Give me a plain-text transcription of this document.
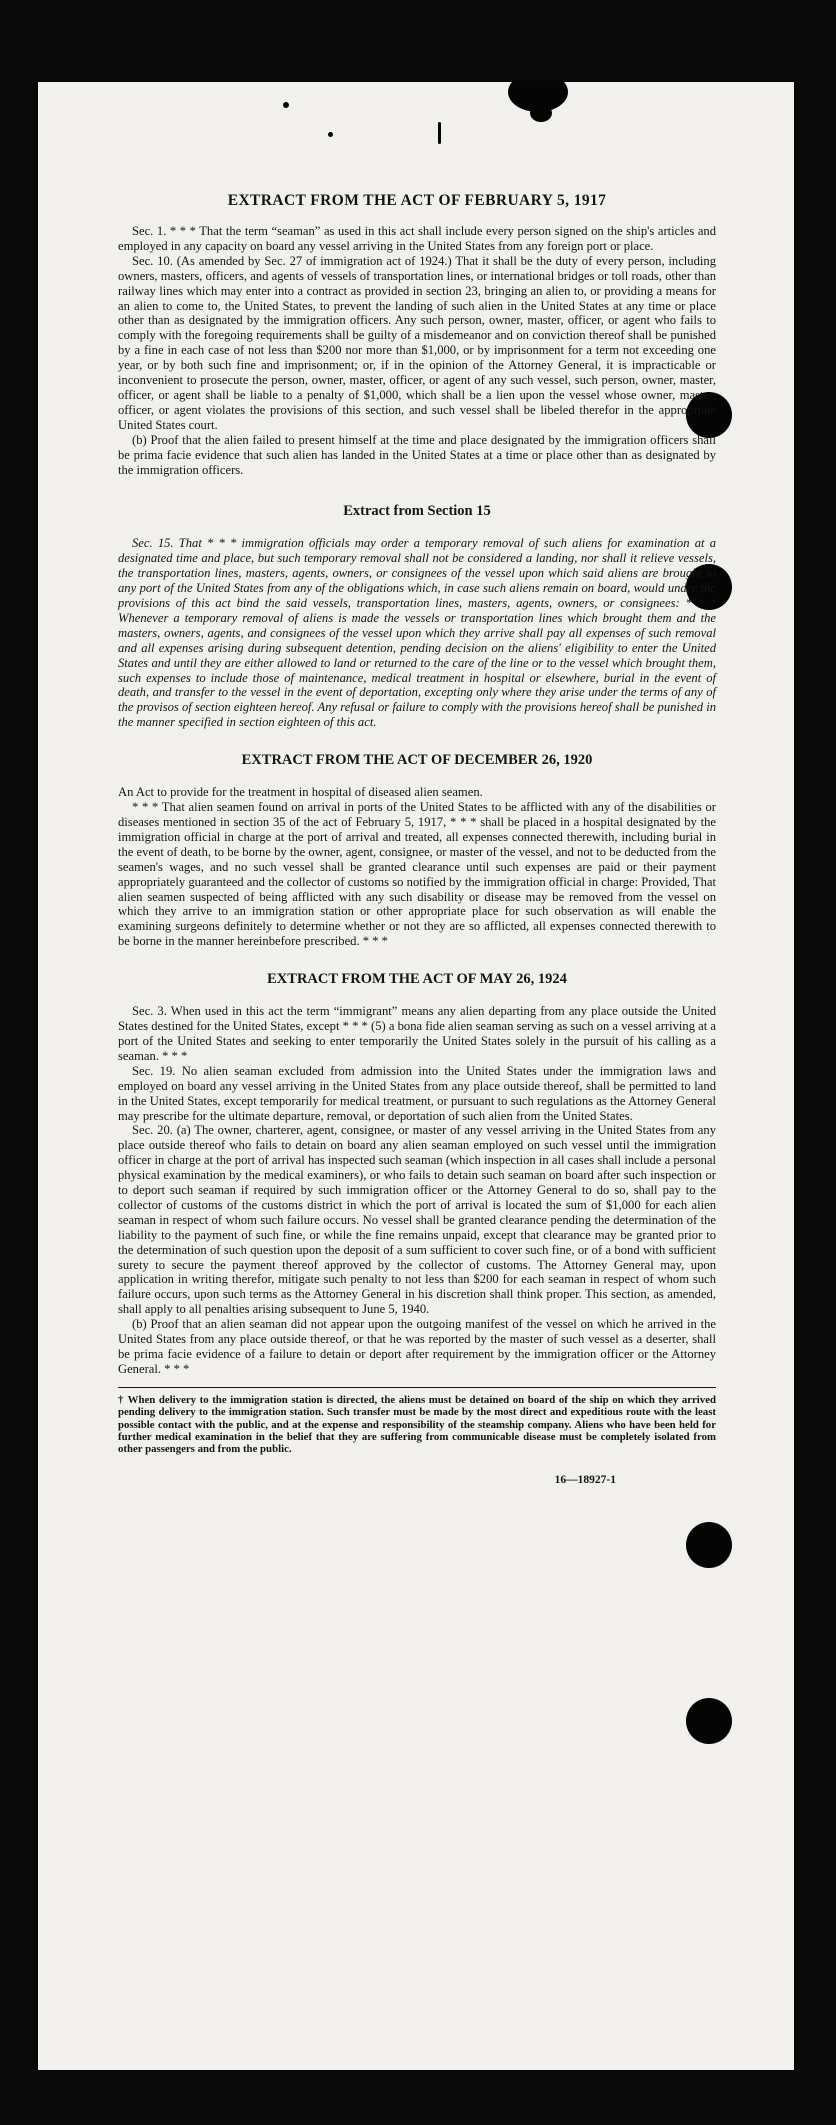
EXTRACT FROM THE ACT OF FEBRUARY 5, 1917

Sec. 1. * * * That the term “seaman” as used in this act shall include every person signed on the ship's articles and employed in any capacity on board any vessel arriving in the United States from any foreign port or place.

Sec. 10. (As amended by Sec. 27 of immigration act of 1924.) That it shall be the duty of every person, including owners, masters, officers, and agents of vessels of transportation lines, or international bridges or toll roads, other than railway lines which may enter into a contract as provided in section 23, bringing an alien to, or providing a means for an alien to come to, the United States, to prevent the landing of such alien in the United States at any time or place other than as designated by the immigration officers. Any such person, owner, master, officer, or agent who fails to comply with the foregoing requirements shall be guilty of a misdemeanor and on conviction thereof shall be punished by a fine in each case of not less than $200 nor more than $1,000, or by imprisonment for a term not exceeding one year, or by both such fine and imprisonment; or, if in the opinion of the Attorney General, it is impracticable or inconvenient to prosecute the person, owner, master, officer, or agent of any such vessel, such person, owner, master, officer, or agent shall be liable to a penalty of $1,000, which shall be a lien upon the vessel whose owner, master, officer, or agent violates the provisions of this section, and such vessel shall be libeled therefor in the appropriate United States court.

(b) Proof that the alien failed to present himself at the time and place designated by the immigration officers shall be prima facie evidence that such alien has landed in the United States at a time or place other than as designated by the immigration officers.

Extract from Section 15

Sec. 15. That * * * immigration officials may order a temporary removal of such aliens for examination at a designated time and place, but such temporary removal shall not be considered a landing, nor shall it relieve vessels, the transportation lines, masters, agents, owners, or consignees of the vessel upon which said aliens are brought to any port of the United States from any of the obligations which, in case such aliens remain on board, would under the provisions of this act bind the said vessels, transportation lines, masters, agents, owners, or consignees: * * * Whenever a temporary removal of aliens is made the vessels or transportation lines which brought them and the masters, owners, agents, and consignees of the vessel upon which they arrive shall pay all expenses of such removal and all expenses arising during subsequent detention, pending decision on the aliens' eligibility to enter the United States and until they are either allowed to land or returned to the care of the line or to the vessel which brought them, such expenses to include those of maintenance, medical treatment in hospital or elsewhere, burial in the event of death, and transfer to the vessel in the event of deportation, excepting only where they arise under the terms of any of the provisos of section eighteen hereof. Any refusal or failure to comply with the provisions hereof shall be punished in the manner specified in section eighteen of this act.

EXTRACT FROM THE ACT OF DECEMBER 26, 1920

An Act to provide for the treatment in hospital of diseased alien seamen.

* * * That alien seamen found on arrival in ports of the United States to be afflicted with any of the disabilities or diseases mentioned in section 35 of the act of February 5, 1917, * * * shall be placed in a hospital designated by the immigration official in charge at the port of arrival and treated, all expenses connected therewith, including burial in the event of death, to be borne by the owner, agent, consignee, or master of the vessel, and not to be deducted from the seamen's wages, and no such vessel shall be granted clearance until such expenses are paid or their payment appropriately guaranteed and the collector of customs so notified by the immigration official in charge: Provided, That alien seamen suspected of being afflicted with any such disability or disease may be removed from the vessel on which they arrive to an immigration station or other appropriate place for such observation as will enable the examining surgeons definitely to determine whether or not they are so afflicted, all expenses connected therewith to be borne in the manner hereinbefore prescribed. * * *

EXTRACT FROM THE ACT OF MAY 26, 1924

Sec. 3. When used in this act the term “immigrant” means any alien departing from any place outside the United States destined for the United States, except * * * (5) a bona fide alien seaman serving as such on a vessel arriving at a port of the United States and seeking to enter temporarily the United States solely in the pursuit of his calling as a seaman. * * *

Sec. 19. No alien seaman excluded from admission into the United States under the immigration laws and employed on board any vessel arriving in the United States from any place outside thereof, shall be permitted to land in the United States, except temporarily for medical treatment, or pursuant to such regulations as the Attorney General may prescribe for the ultimate departure, removal, or deportation of such alien from the United States.

Sec. 20. (a) The owner, charterer, agent, consignee, or master of any vessel arriving in the United States from any place outside thereof who fails to detain on board any alien seaman employed on such vessel until the immigration officer in charge at the port of arrival has inspected such seaman (which inspection in all cases shall include a personal physical examination by the medical examiners), or who fails to detain such seaman on board after such inspection or to deport such seaman if required by such immigration officer or the Attorney General to do so, shall pay to the collector of customs of the customs district in which the port of arrival is located the sum of $1,000 for each alien seaman in respect of whom such failure occurs. No vessel shall be granted clearance pending the determination of the liability to the payment of such fine, or while the fine remains unpaid, except that clearance may be granted prior to the determination of such question upon the deposit of a sum sufficient to cover such fine, or of a bond with sufficient surety to secure the payment thereof approved by the collector of customs. The Attorney General may, upon application in writing therefor, mitigate such penalty to not less than $200 for each seaman in respect of whom such failure occurs, upon such terms as the Attorney General in his discretion shall think proper. This section, as amended, shall apply to all penalties arising subsequent to June 5, 1940.

(b) Proof that an alien seaman did not appear upon the outgoing manifest of the vessel on which he arrived in the United States from any place outside thereof, or that he was reported by the master of such vessel as a deserter, shall be prima facie evidence of a failure to detain or deport after requirement by the immigration officer or the Attorney General. * * *

† When delivery to the immigration station is directed, the aliens must be detained on board of the ship on which they arrived pending delivery to the immigration station. Such transfer must be made by the most direct and expeditious route with the least possible contact with the public, and at the expense and responsibility of the steamship company. Aliens who have been held for further medical examination in the belief that they are suffering from communicable disease must be completely isolated from other passengers and from the public.

16—18927-1
